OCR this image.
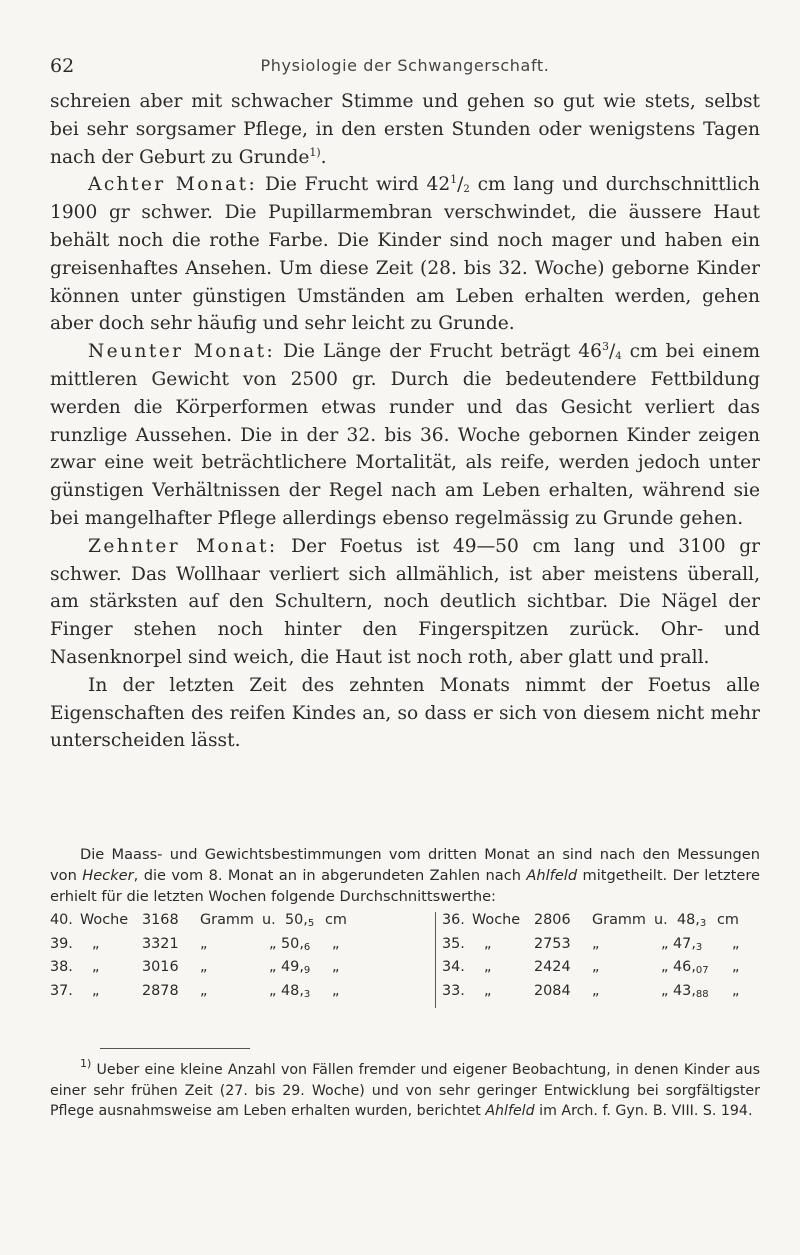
62	Physiologie der Schwangerschaft.

schreien aber mit schwacher Stimme und gehen so gut wie stets, selbst bei sehr sorgsamer Pflege, in den ersten Stunden oder wenigstens Tagen nach der Geburt zu Grunde$^{1)}$.

Achter Monat: Die Frucht wird $42^1/_2$ cm lang und durchschnittlich 1900 gr schwer. Die Pupillarmembran verschwindet, die äussere Haut behält noch die rothe Farbe. Die Kinder sind noch mager und haben ein greisenhaftes Ansehen. Um diese Zeit (28. bis 32. Woche) geborne Kinder können unter günstigen Umständen am Leben erhalten werden, gehen aber doch sehr häufig und sehr leicht zu Grunde.

Neunter Monat: Die Länge der Frucht beträgt $46^3/_4$ cm bei einem mittleren Gewicht von 2500 gr. Durch die bedeutendere Fettbildung werden die Körperformen etwas runder und das Gesicht verliert das runzlige Aussehen. Die in der 32. bis 36. Woche gebornen Kinder zeigen zwar eine weit beträchtlichere Mortalität, als reife, werden jedoch unter günstigen Verhältnissen der Regel nach am Leben erhalten, während sie bei mangelhafter Pflege allerdings ebenso regelmässig zu Grunde gehen.

Zehnter Monat: Der Foetus ist 49—50 cm lang und 3100 gr schwer. Das Wollhaar verliert sich allmählich, ist aber meistens überall, am stärksten auf den Schultern, noch deutlich sichtbar. Die Nägel der Finger stehen noch hinter den Fingerspitzen zurück. Ohr- und Nasenknorpel sind weich, die Haut ist noch roth, aber glatt und prall.

In der letzten Zeit des zehnten Monats nimmt der Foetus alle Eigenschaften des reifen Kindes an, so dass er sich von diesem nicht mehr unterscheiden lässt.

Die Maass- und Gewichtsbestimmungen vom dritten Monat an sind nach den Messungen von Hecker, die vom 8. Monat an in abgerundeten Zahlen nach Ahlfeld mitgetheilt. Der letztere erhielt für die letzten Wochen folgende Durchschnittswerthe:

40. Woche 3168 Gramm u. $50,_5$ cm
39. „	3321 „	„ $50,_6$ „
38. „	3016 „	„ $49,_9$ „
37. „	2878 „	„ $48,_3$ „
36. Woche 2806 Gramm u. $48,_3$ cm
35. „	2753 „	„ $47,_3$ „
34. „	2424 „	„ $46,_{07}$ „
33. „	2084 „	„ $43,_{88}$ „

$^{1)}$ Ueber eine kleine Anzahl von Fällen fremder und eigener Beobachtung, in denen Kinder aus einer sehr frühen Zeit (27. bis 29. Woche) und von sehr geringer Entwicklung bei sorgfältigster Pflege ausnahmsweise am Leben erhalten wurden, berichtet Ahlfeld im Arch. f. Gyn. B. VIII. S. 194.
